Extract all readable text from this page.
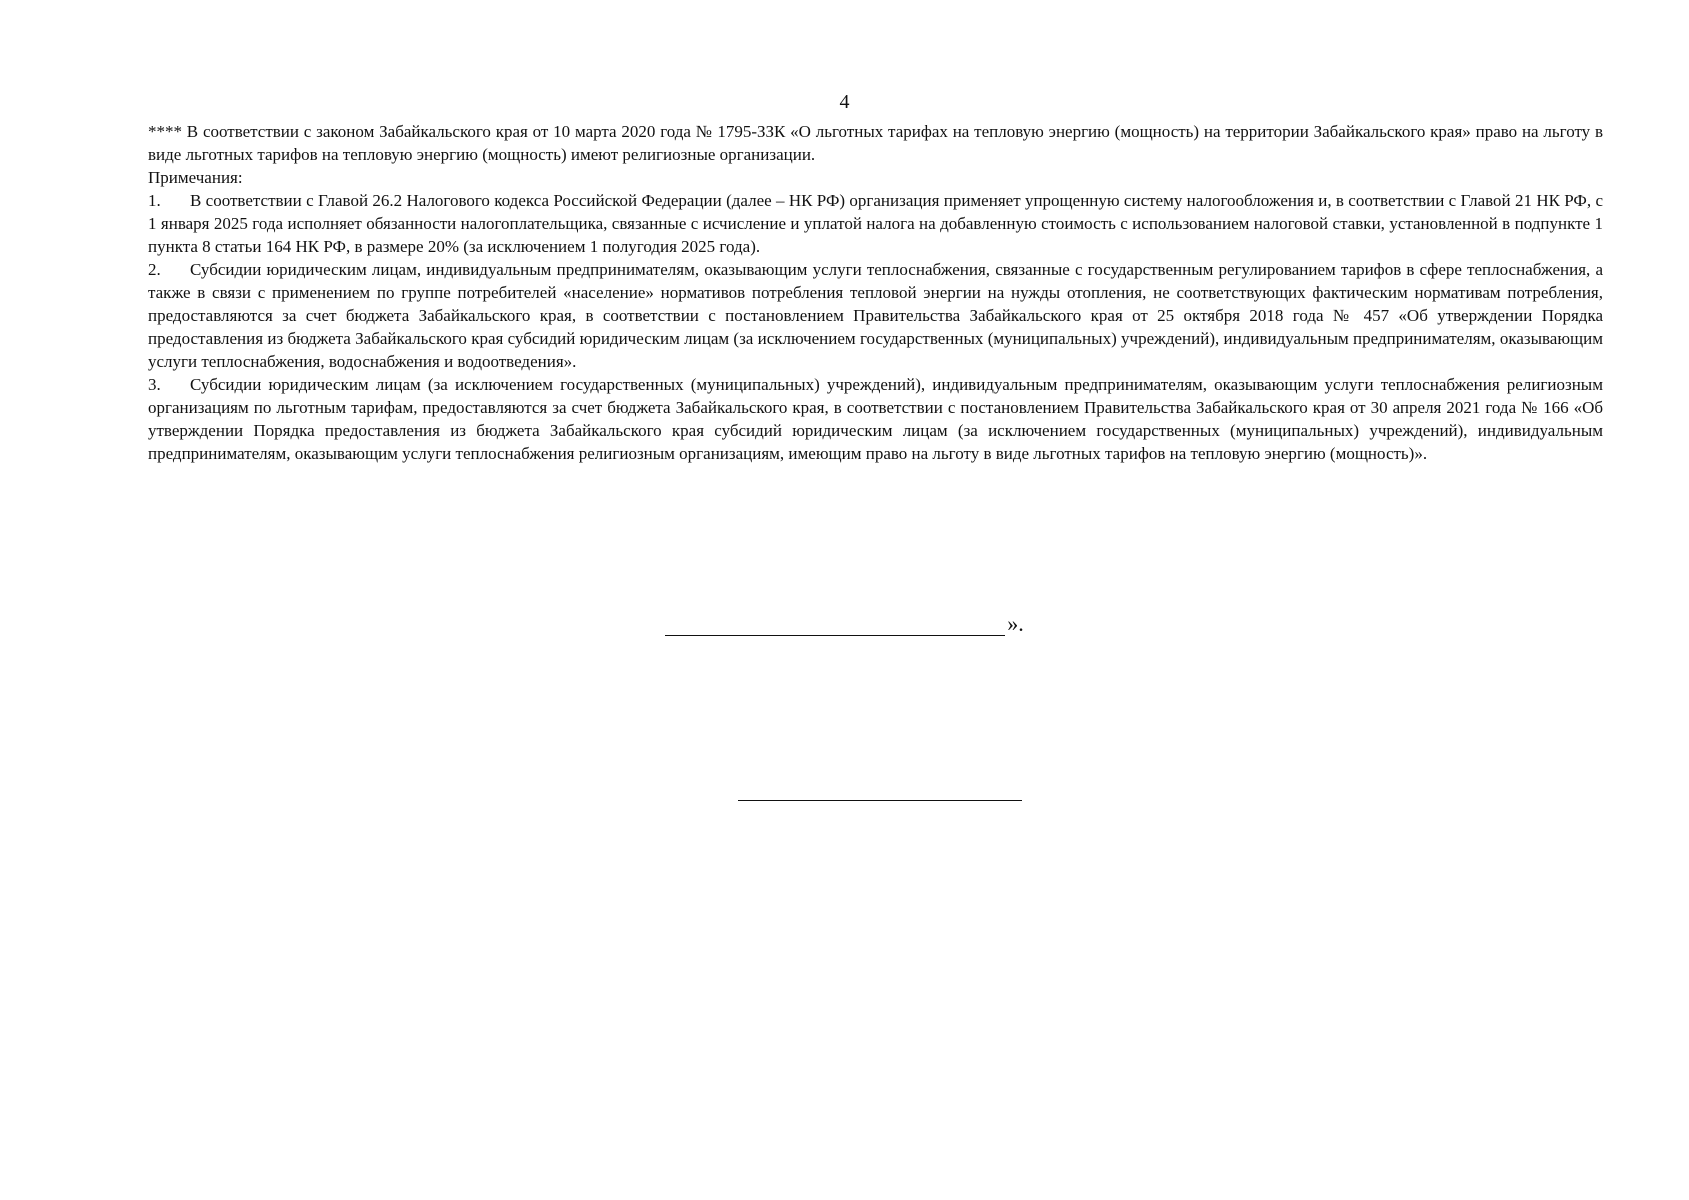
4

**** В соответствии с законом Забайкальского края от 10 марта 2020 года № 1795-ЗЗК «О льготных тарифах на тепловую энергию (мощность) на территории Забайкальского края» право на льготу в виде льготных тарифов на тепловую энергию (мощность) имеют религиозные организации.

Примечания:

1. В соответствии с Главой 26.2 Налогового кодекса Российской Федерации (далее – НК РФ) организация применяет упрощенную систему налогообложения и, в соответствии с Главой 21 НК РФ, с 1 января 2025 года исполняет обязанности налогоплательщика, связанные с исчисление и уплатой налога на добавленную стоимость с использованием налоговой ставки, установленной в подпункте 1 пункта 8 статьи 164 НК РФ, в размере 20% (за исключением 1 полугодия 2025 года).

2. Субсидии юридическим лицам, индивидуальным предпринимателям, оказывающим услуги теплоснабжения, связанные с государственным регулированием тарифов в сфере теплоснабжения, а также в связи с применением по группе потребителей «население» нормативов потребления тепловой энергии на нужды отопления, не соответствующих фактическим нормативам потребления, предоставляются за счет бюджета Забайкальского края, в соответствии с постановлением Правительства Забайкальского края от 25 октября 2018 года № 457 «Об утверждении Порядка предоставления из бюджета Забайкальского края субсидий юридическим лицам (за исключением государственных (муниципальных) учреждений), индивидуальным предпринимателям, оказывающим услуги теплоснабжения, водоснабжения и водоотведения».

3. Субсидии юридическим лицам (за исключением государственных (муниципальных) учреждений), индивидуальным предпринимателям, оказывающим услуги теплоснабжения религиозным организациям по льготным тарифам, предоставляются за счет бюджета Забайкальского края, в соответствии с постановлением Правительства Забайкальского края от 30 апреля 2021 года № 166 «Об утверждении Порядка предоставления из бюджета Забайкальского края субсидий юридическим лицам (за исключением государственных (муниципальных) учреждений), индивидуальным предпринимателям, оказывающим услуги теплоснабжения религиозным организациям, имеющим право на льготу в виде льготных тарифов на тепловую энергию (мощность)».

».
